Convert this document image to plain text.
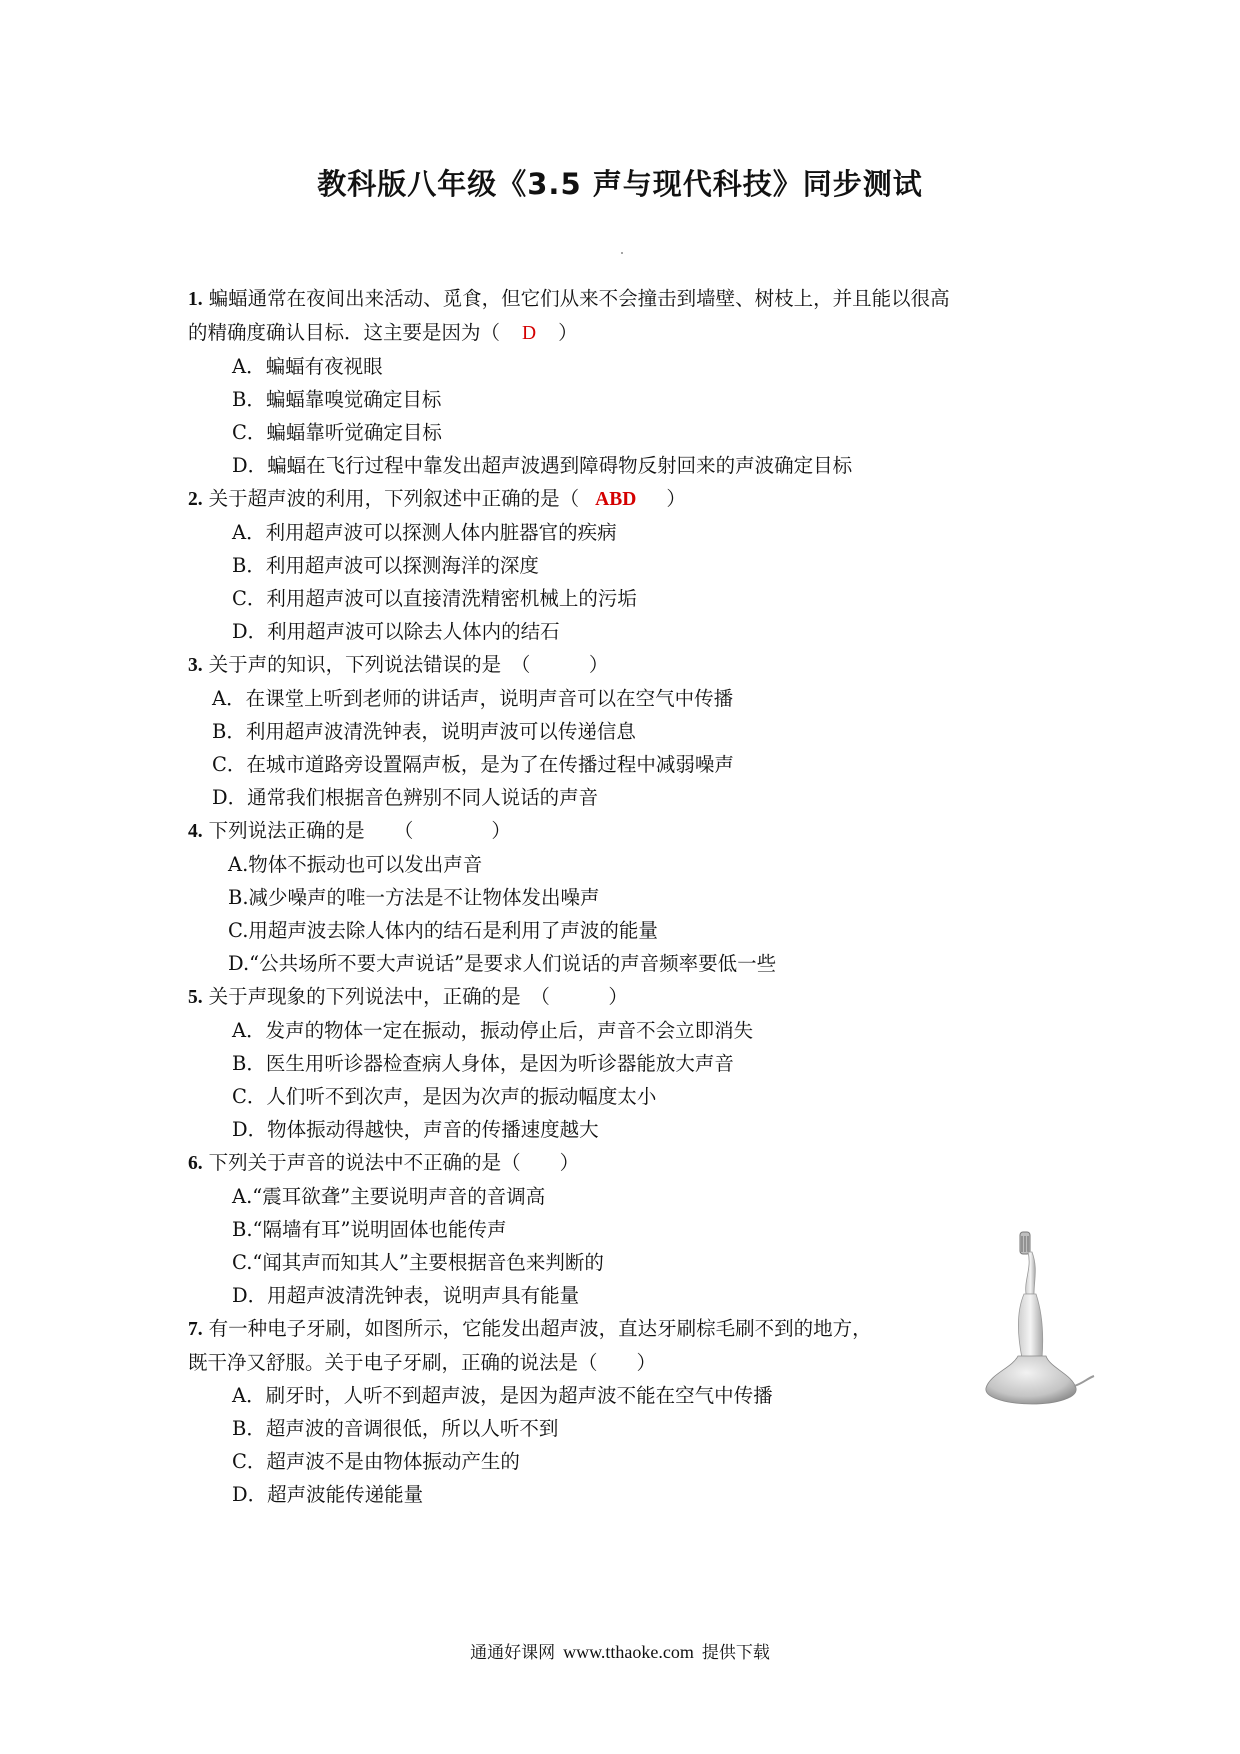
教科版八年级《3.5 声与现代科技》同步测试
1. 蝙蝠通常在夜间出来活动、觅食，但它们从来不会撞击到墙壁、树枝上，并且能以很高
的精确度确认目标．这主要是因为（ D ）
A．蝙蝠有夜视眼
B．蝙蝠靠嗅觉确定目标
C．蝙蝠靠听觉确定目标
D．蝙蝠在飞行过程中靠发出超声波遇到障碍物反射回来的声波确定目标
2. 关于超声波的利用，下列叙述中正确的是（ ABD ）
A．利用超声波可以探测人体内脏器官的疾病
B．利用超声波可以探测海洋的深度
C．利用超声波可以直接清洗精密机械上的污垢
D．利用超声波可以除去人体内的结石
3. 关于声的知识，下列说法错误的是　（　　　）
A．在课堂上听到老师的讲话声，说明声音可以在空气中传播
B．利用超声波清洗钟表，说明声波可以传递信息
C．在城市道路旁设置隔声板，是为了在传播过程中减弱噪声
D．通常我们根据音色辨别不同人说话的声音
4. 下列说法正确的是　　（　　　　）
A.物体不振动也可以发出声音
B.减少噪声的唯一方法是不让物体发出噪声
C.用超声波去除人体内的结石是利用了声波的能量
D.“公共场所不要大声说话”是要求人们说话的声音频率要低一些
5. 关于声现象的下列说法中，正确的是　（　　　）
A．发声的物体一定在振动，振动停止后，声音不会立即消失
B．医生用听诊器检查病人身体，是因为听诊器能放大声音
C．人们听不到次声，是因为次声的振动幅度太小
D．物体振动得越快，声音的传播速度越大
6. 下列关于声音的说法中不正确的是（　　）
A.“震耳欲聋”主要说明声音的音调高
B.“隔墙有耳”说明固体也能传声
C.“闻其声而知其人”主要根据音色来判断的
D．用超声波清洗钟表，说明声具有能量
7. 有一种电子牙刷，如图所示，它能发出超声波，直达牙刷棕毛刷不到的地方，
既干净又舒服。关于电子牙刷，正确的说法是（　　）
A．刷牙时，人听不到超声波，是因为超声波不能在空气中传播
B．超声波的音调很低，所以人听不到
C．超声波不是由物体振动产生的
D．超声波能传递能量
通通好课网 www.tthaoke.com 提供下载
